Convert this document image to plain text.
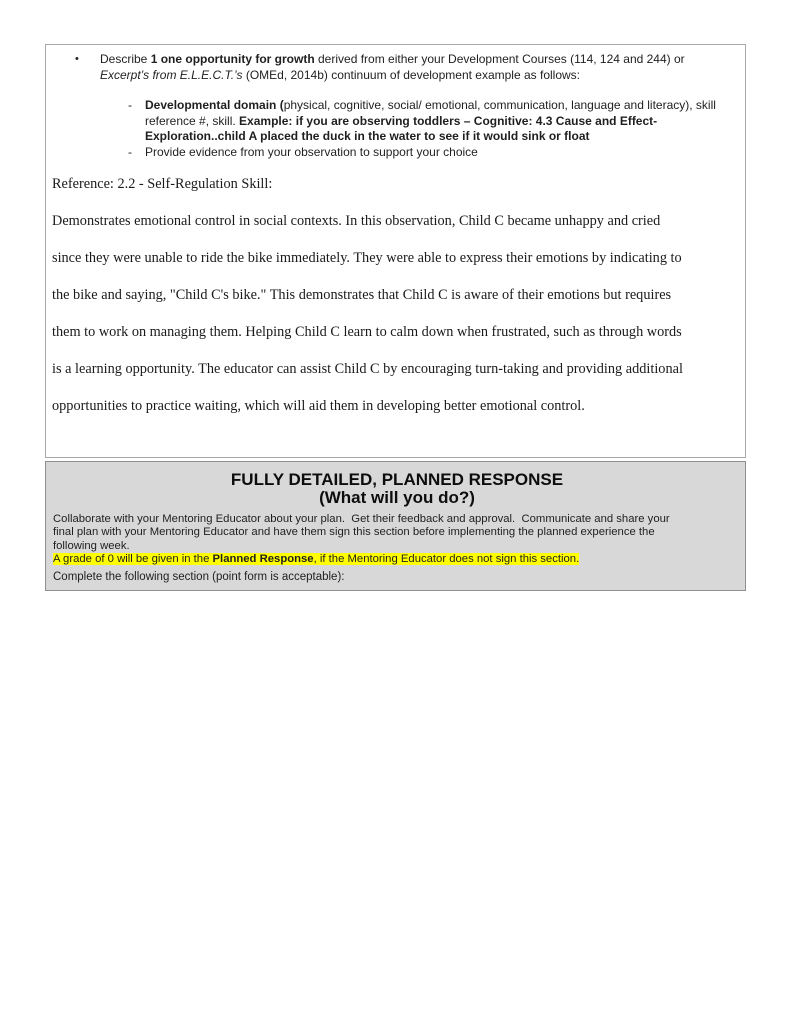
•	Describe 1 one opportunity for growth derived from either your Development Courses (114, 124 and 244) or Excerpt’s from E.L.E.C.T.’s (OMEd, 2014b) continuum of development example as follows:
-	Developmental domain (physical, cognitive, social/ emotional, communication, language and literacy), skill reference #, skill. Example: if you are observing toddlers – Cognitive: 4.3 Cause and Effect-Exploration..child A placed the duck in the water to see if it would sink or float
-	Provide evidence from your observation to support your choice
Reference: 2.2 - Self-Regulation Skill:
Demonstrates emotional control in social contexts. In this observation, Child C became unhappy and cried
since they were unable to ride the bike immediately. They were able to express their emotions by indicating to
the bike and saying, "Child C's bike." This demonstrates that Child C is aware of their emotions but requires
them to work on managing them. Helping Child C learn to calm down when frustrated, such as through words
is a learning opportunity. The educator can assist Child C by encouraging turn-taking and providing additional
opportunities to practice waiting, which will aid them in developing better emotional control.
FULLY DETAILED, PLANNED RESPONSE
(What will you do?)
Collaborate with your Mentoring Educator about your plan.  Get their feedback and approval.  Communicate and share your
final plan with your Mentoring Educator and have them sign this section before implementing the planned experience the
following week.
A grade of 0 will be given in the Planned Response, if the Mentoring Educator does not sign this section.
Complete the following section (point form is acceptable):
